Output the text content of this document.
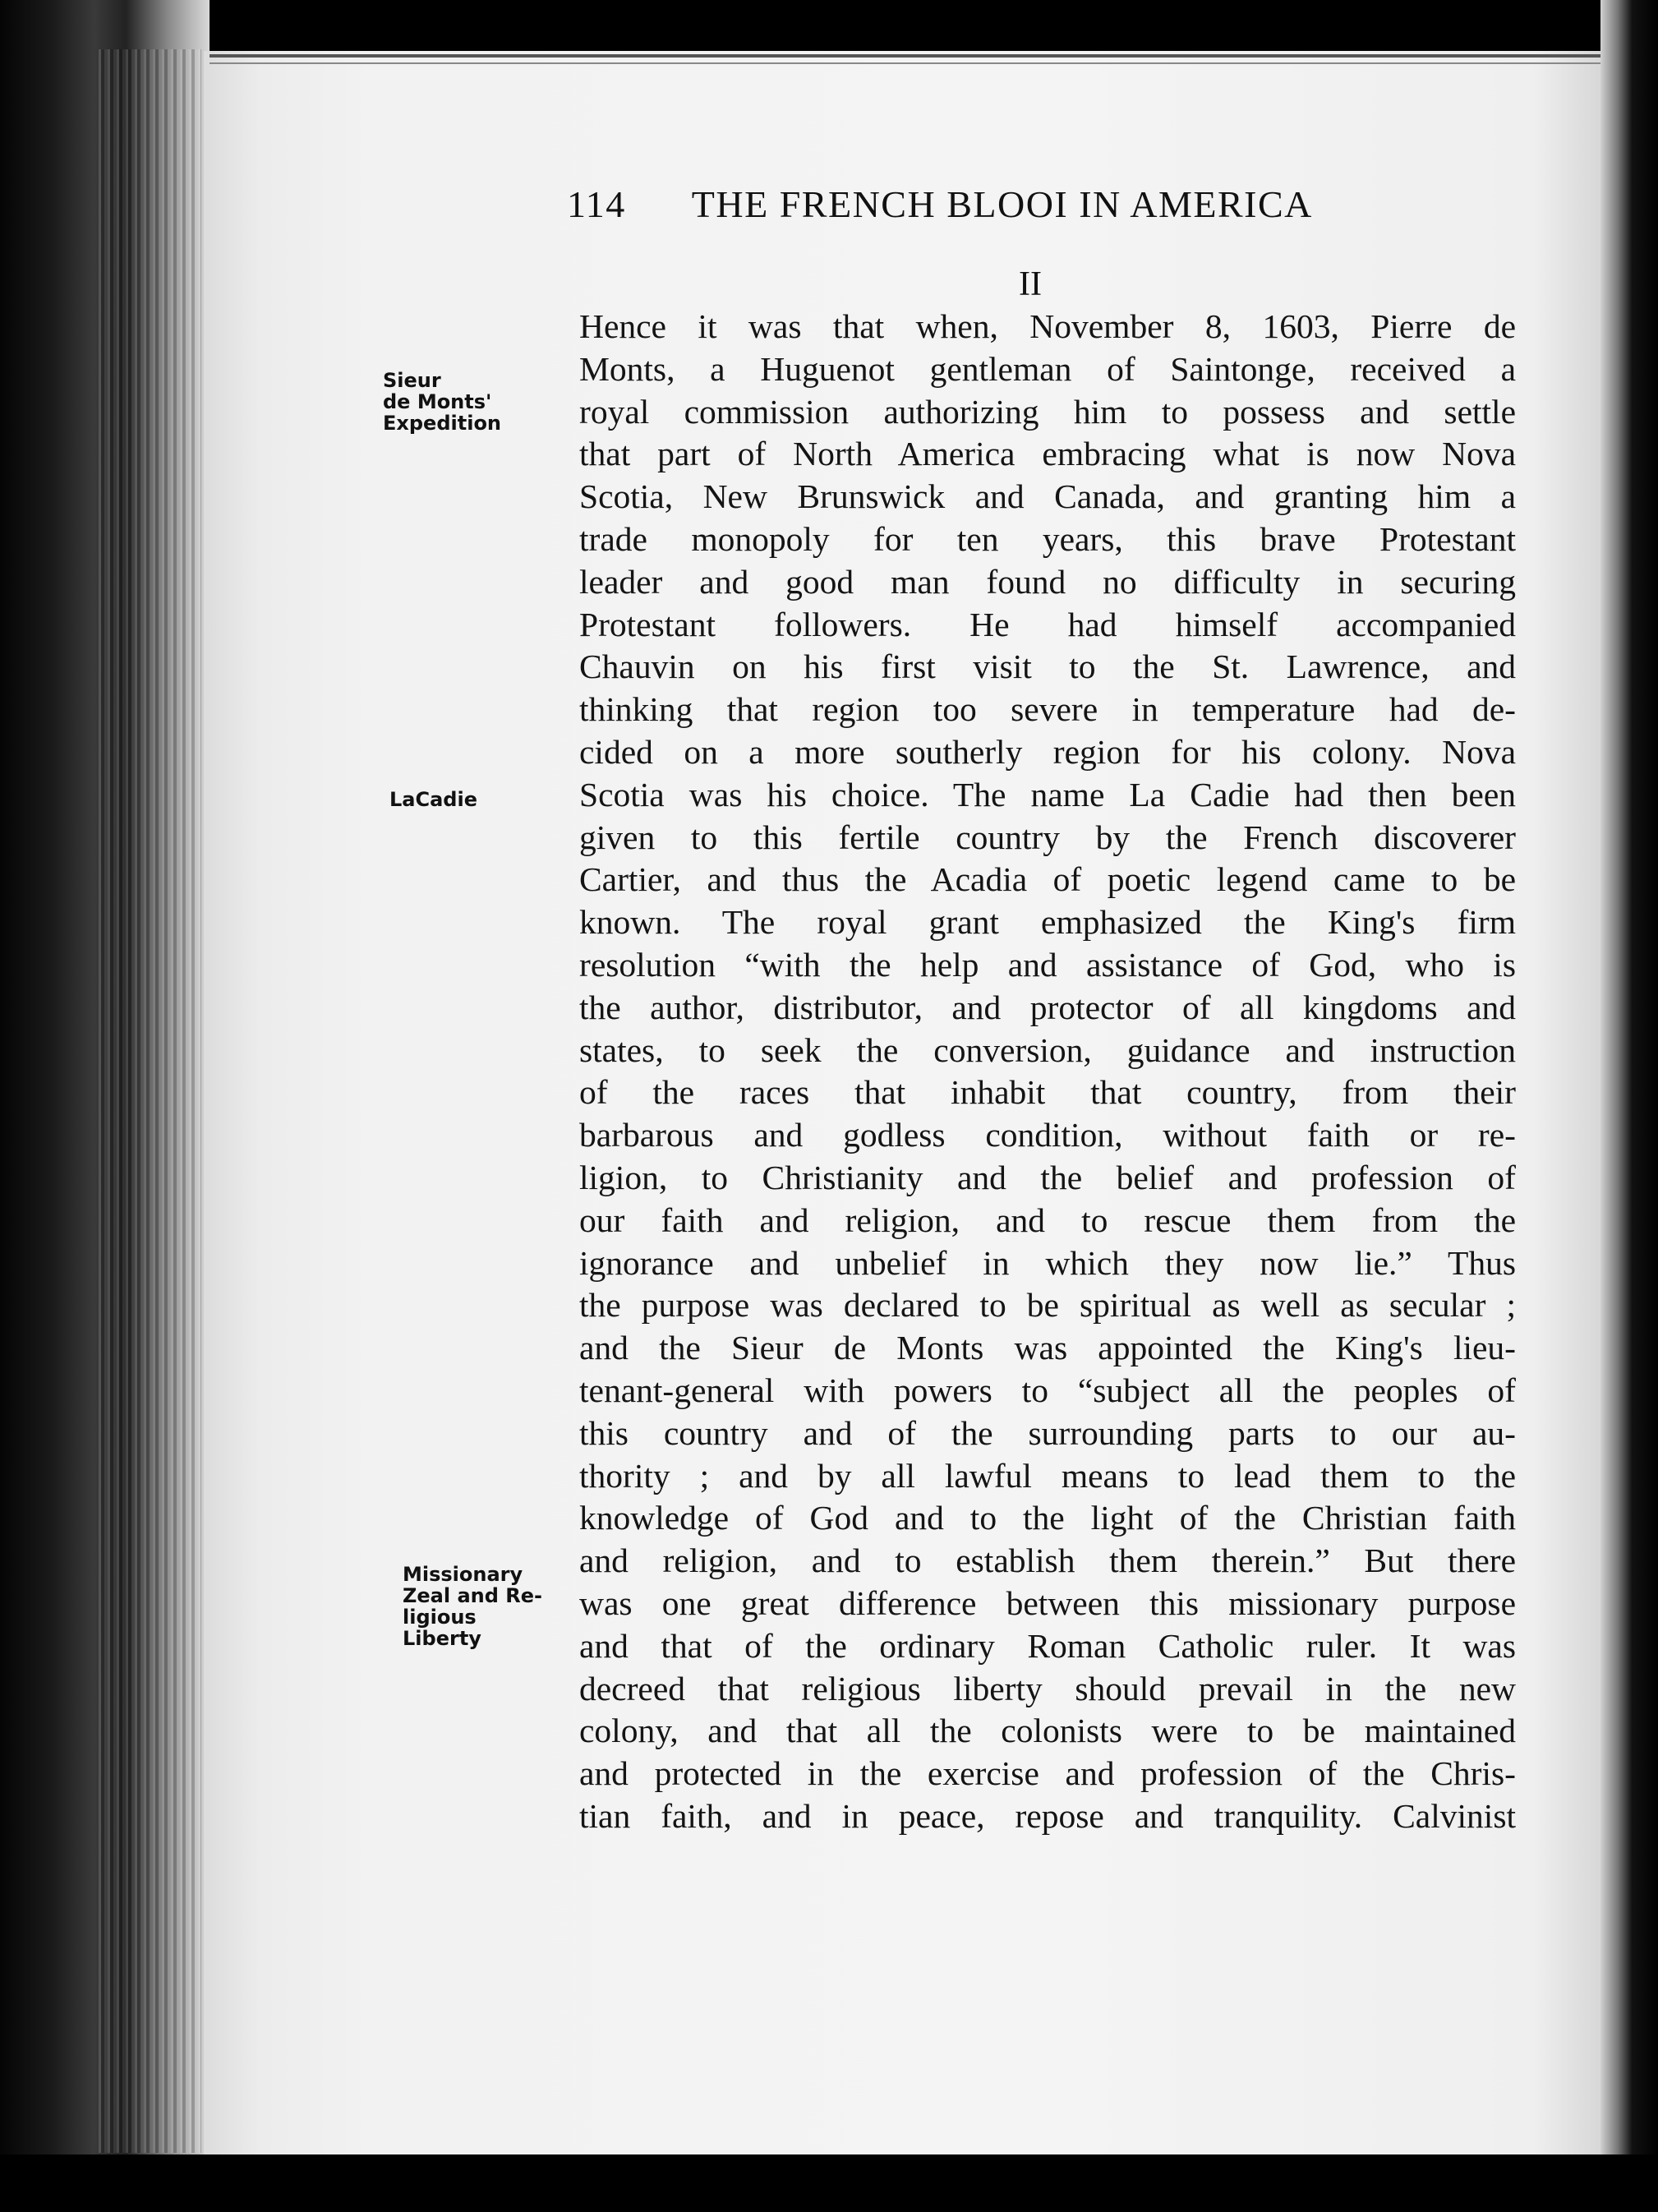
114 THE FRENCH BLOOI IN AMERICA
II
Sieur
de Monts'
Expedition
LaCadie
Missionary
Zeal and Re-
ligious
Liberty
Hence it was that when, November 8, 1603, Pierre de
Monts, a Huguenot gentleman of Saintonge, received a
royal commission authorizing him to possess and settle
that part of North America embracing what is now Nova
Scotia, New Brunswick and Canada, and granting him a
trade monopoly for ten years, this brave Protestant
leader and good man found no difficulty in securing
Protestant followers. He had himself accompanied
Chauvin on his first visit to the St. Lawrence, and
thinking that region too severe in temperature had de-
cided on a more southerly region for his colony. Nova
Scotia was his choice. The name La Cadie had then been
given to this fertile country by the French discoverer
Cartier, and thus the Acadia of poetic legend came to be
known. The royal grant emphasized the King's firm
resolution “with the help and assistance of God, who is
the author, distributor, and protector of all kingdoms and
states, to seek the conversion, guidance and instruction
of the races that inhabit that country, from their
barbarous and godless condition, without faith or re-
ligion, to Christianity and the belief and profession of
our faith and religion, and to rescue them from the
ignorance and unbelief in which they now lie.” Thus
the purpose was declared to be spiritual as well as secular ;
and the Sieur de Monts was appointed the King's lieu-
tenant-general with powers to “subject all the peoples of
this country and of the surrounding parts to our au-
thority ; and by all lawful means to lead them to the
knowledge of God and to the light of the Christian faith
and religion, and to establish them therein.” But there
was one great difference between this missionary purpose
and that of the ordinary Roman Catholic ruler. It was
decreed that religious liberty should prevail in the new
colony, and that all the colonists were to be maintained
and protected in the exercise and profession of the Chris-
tian faith, and in peace, repose and tranquility. Calvinist
